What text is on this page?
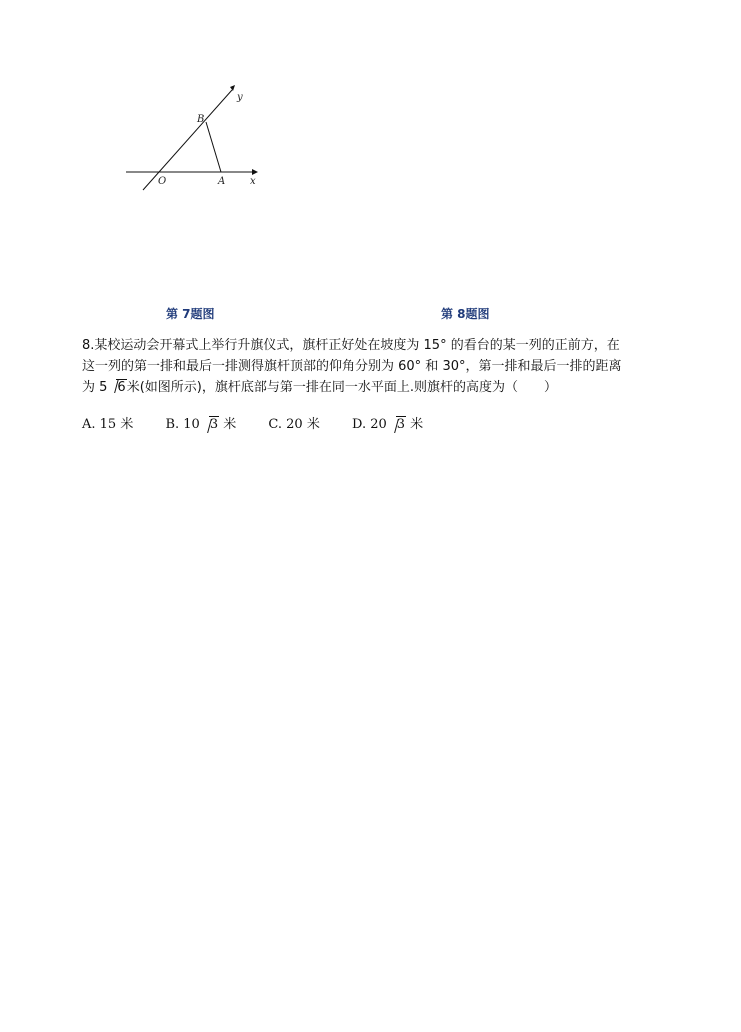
y
x
O	A
B
第 7题图	第 8题图
8.某校运动会开幕式上举行升旗仪式，旗杆正好处在坡度为 15° 的看台的某一列的正前方，在
这一列的第一排和最后一排测得旗杆顶部的仰角分别为 60° 和 30°，第一排和最后一排的距离
为 5 6米(如图所示)，旗杆底部与第一排在同一水平面上.则旗杆的高度为（　　）
A. 15 米 B. 10 3 米 C. 20 米 D. 20 3 米
